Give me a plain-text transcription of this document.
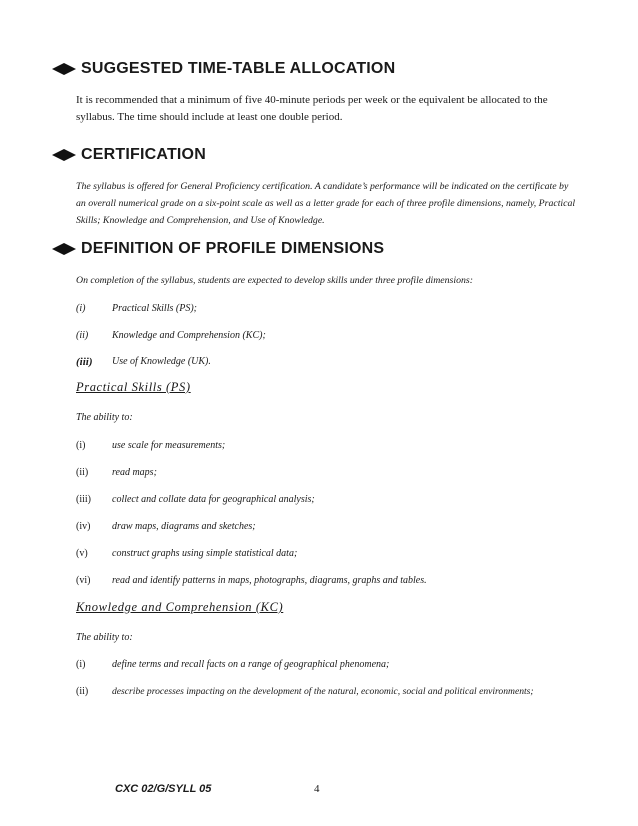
SUGGESTED TIME-TABLE ALLOCATION
It is recommended that a minimum of five 40-minute periods per week or the equivalent be allocated to the
syllabus. The time should include at least one double period.
CERTIFICATION
The syllabus is offered for General Proficiency certification. A candidate’s performance will be indicated on the certificate by
an overall numerical grade on a six-point scale as well as a letter grade for each of three profile dimensions, namely, Practical
Skills; Knowledge and Comprehension, and Use of Knowledge.
DEFINITION OF PROFILE DIMENSIONS
On completion of the syllabus, students are expected to develop skills under three profile dimensions:
(i)	Practical Skills (PS);
(ii) Knowledge and Comprehension (KC);
(iii) Use of Knowledge (UK).
Practical Skills (PS)
The ability to:
(i)	use scale for measurements;
(ii) read maps;
(iii) collect and collate data for geographical analysis;
(iv) draw maps, diagrams and sketches;
(v) construct graphs using simple statistical data;
(vi) read and identify patterns in maps, photographs, diagrams, graphs and tables.
Knowledge and Comprehension (KC)
The ability to:
(i)	define terms and recall facts on a range of geographical phenomena;
(ii) describe processes impacting on the development of the natural, economic, social and political environments;
CXC 02/G/SYLL 05	4
